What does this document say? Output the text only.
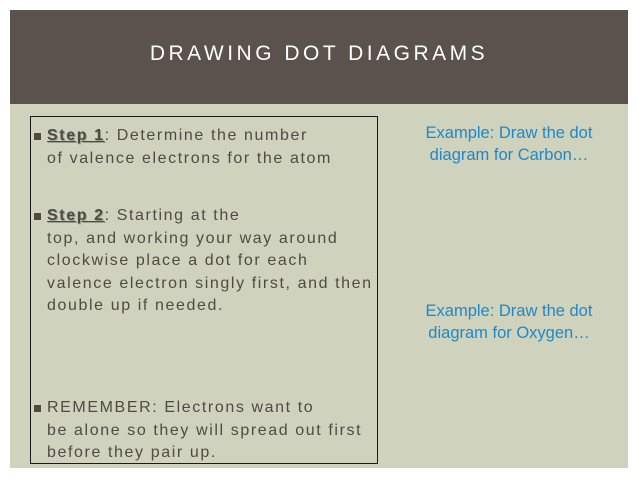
DRAWING DOT DIAGRAMS
Step 1: Determine the number
of valence electrons for the atom
Step 2: Starting at the
top, and working your way around clockwise place a dot for each valence electron singly first, and then double up if needed.
REMEMBER: Electrons want to
be alone so they will spread out first before they pair up.
Example: Draw the dot diagram for Carbon…
Example: Draw the dot diagram for Oxygen…
